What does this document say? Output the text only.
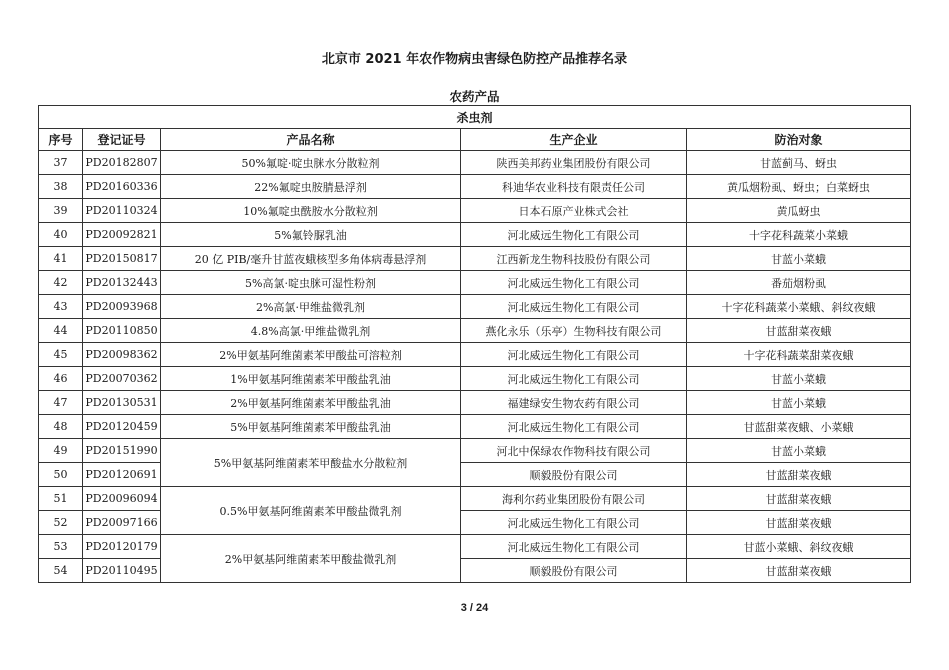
北京市 2021 年农作物病虫害绿色防控产品推荐名录
农药产品
杀虫剂				
序号	登记证号	产品名称	生产企业	防治对象
37	PD20182807	50%氟啶·啶虫脒水分散粒剂	陕西美邦药业集团股份有限公司	甘蓝蓟马、蚜虫
38	PD20160336	22%氟啶虫胺腈悬浮剂	科迪华农业科技有限责任公司	黄瓜烟粉虱、蚜虫；白菜蚜虫
39	PD20110324	10%氟啶虫酰胺水分散粒剂	日本石原产业株式会社	黄瓜蚜虫
40	PD20092821	5%氟铃脲乳油	河北威远生物化工有限公司	十字花科蔬菜小菜蛾
41	PD20150817	20 亿 PIB/毫升甘蓝夜蛾核型多角体病毒悬浮剂	江西新龙生物科技股份有限公司	甘蓝小菜蛾
42	PD20132443	5%高氯·啶虫脒可湿性粉剂	河北威远生物化工有限公司	番茄烟粉虱
43	PD20093968	2%高氯·甲维盐微乳剂	河北威远生物化工有限公司	十字花科蔬菜小菜蛾、斜纹夜蛾
44	PD20110850	4.8%高氯·甲维盐微乳剂	燕化永乐（乐亭）生物科技有限公司	甘蓝甜菜夜蛾
45	PD20098362	2%甲氨基阿维菌素苯甲酸盐可溶粒剂	河北威远生物化工有限公司	十字花科蔬菜甜菜夜蛾
46	PD20070362	1%甲氨基阿维菌素苯甲酸盐乳油	河北威远生物化工有限公司	甘蓝小菜蛾
47	PD20130531	2%甲氨基阿维菌素苯甲酸盐乳油	福建绿安生物农药有限公司	甘蓝小菜蛾
48	PD20120459	5%甲氨基阿维菌素苯甲酸盐乳油	河北威远生物化工有限公司	甘蓝甜菜夜蛾、小菜蛾
49	PD20151990	5%甲氨基阿维菌素苯甲酸盐水分散粒剂	河北中保绿农作物科技有限公司	甘蓝小菜蛾
50	PD20120691		顺毅股份有限公司	甘蓝甜菜夜蛾
51	PD20096094	0.5%甲氨基阿维菌素苯甲酸盐微乳剂	海利尔药业集团股份有限公司	甘蓝甜菜夜蛾
52	PD20097166		河北威远生物化工有限公司	甘蓝甜菜夜蛾
53	PD20120179	2%甲氨基阿维菌素苯甲酸盐微乳剂	河北威远生物化工有限公司	甘蓝小菜蛾、斜纹夜蛾
54	PD20110495		顺毅股份有限公司	甘蓝甜菜夜蛾
3 / 24
